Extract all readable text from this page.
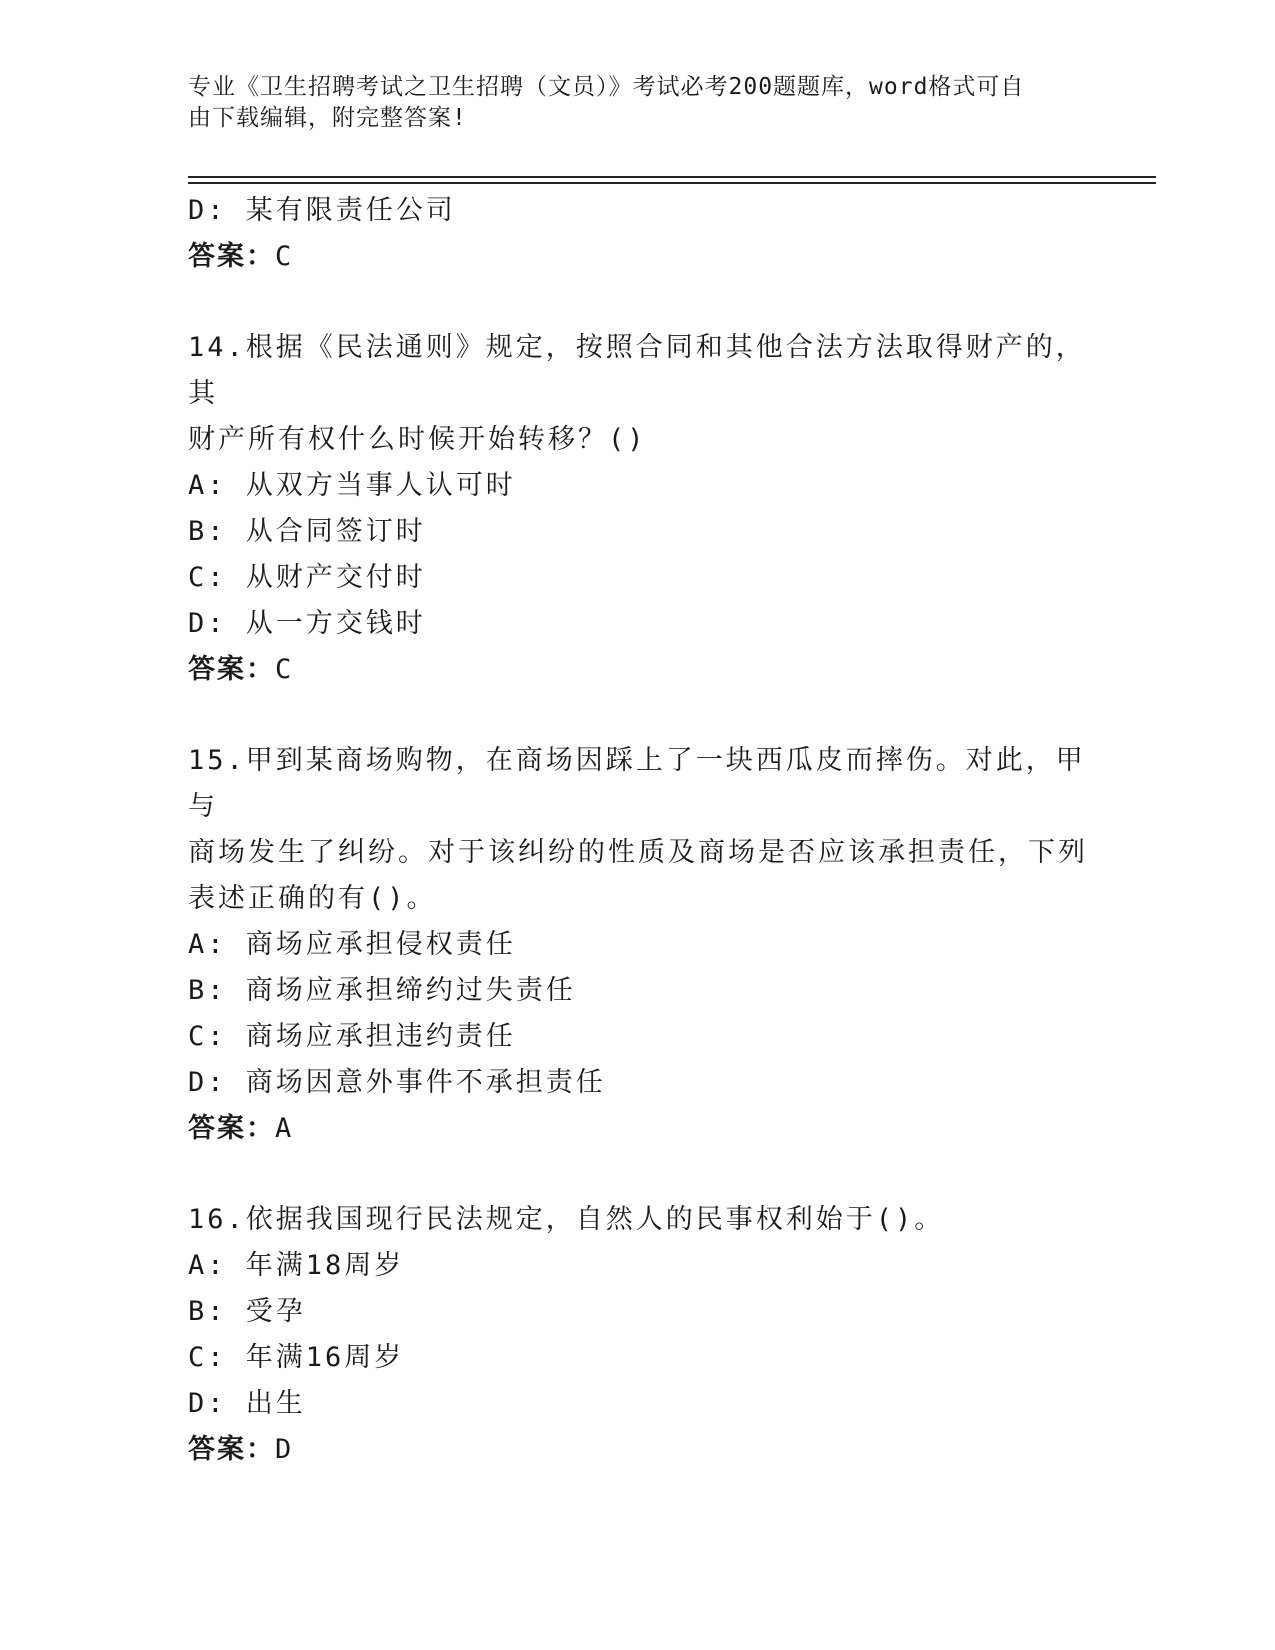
专业《卫生招聘考试之卫生招聘（文员）》考试必考200题题库，word格式可自
由下载编辑，附完整答案!
D: 某有限责任公司
答案：C
14.根据《民法通则》规定，按照合同和其他合法方法取得财产的，其
财产所有权什么时候开始转移？()
A: 从双方当事人认可时
B: 从合同签订时
C: 从财产交付时
D: 从一方交钱时
答案：C
15.甲到某商场购物，在商场因踩上了一块西瓜皮而摔伤。对此，甲与
商场发生了纠纷。对于该纠纷的性质及商场是否应该承担责任，下列
表述正确的有()。
A: 商场应承担侵权责任
B: 商场应承担缔约过失责任
C: 商场应承担违约责任
D: 商场因意外事件不承担责任
答案：A
16.依据我国现行民法规定，自然人的民事权利始于()。
A: 年满18周岁
B: 受孕
C: 年满16周岁
D: 出生
答案：D
